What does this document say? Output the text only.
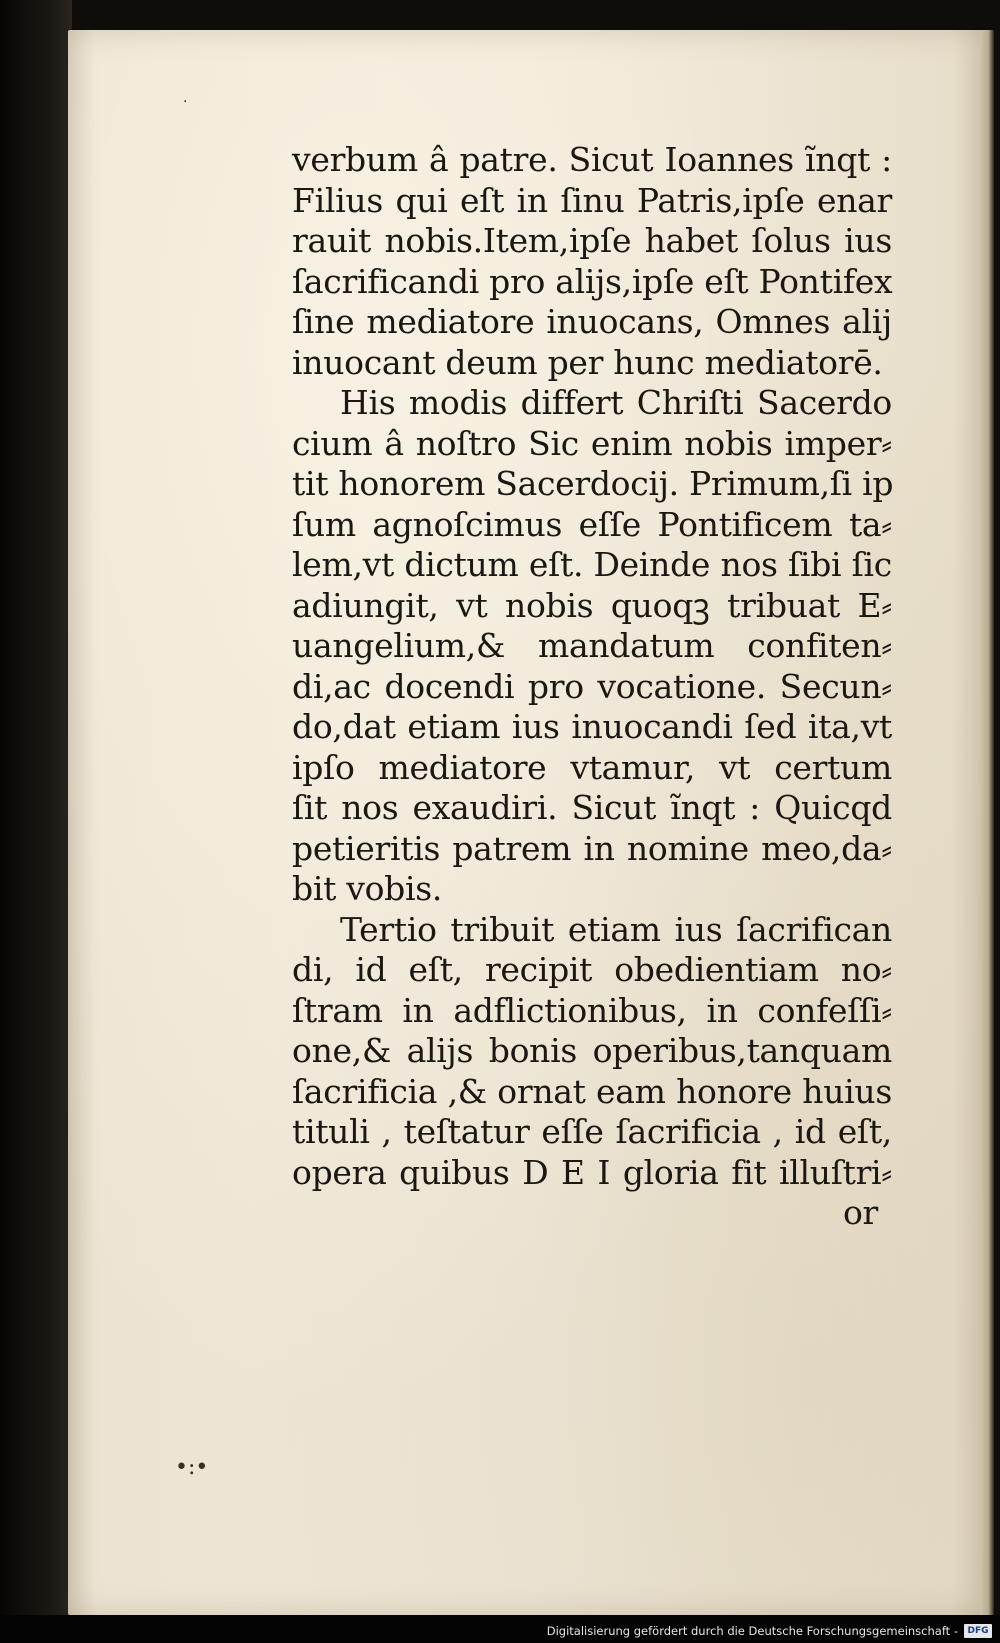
.
•:•
verbum â patre. Sicut Ioannes ĩnqt :
Filius qui eſt in ſinu Patris,ipſe enar
rauit nobis.Item,ipſe habet ſolus ius
ſacrificandi pro aliјs,ipſe eſt Pontifex
ſine mediatore inuocans, Omnes aliј
inuocant deum per hunc mediatorē.
His modis differt Chriſti Sacerdo
cium â noſtro Sic enim nobis imper⸗
tit honorem Sacerdocij. Primum,ſi ip
ſum agnoſcimus eſſe Pontificem ta⸗
lem,vt dictum eſt. Deinde nos ſibi ſic
adiungit, vt nobis quoqꝫ tribuat E⸗
uangelium,& mandatum confiten⸗
di,ac docendi pro vocatione. Secun⸗
do,dat etiam ius inuocandi ſed ita,vt
ipſo mediatore vtamur, vt certum
ſit nos exaudiri. Sicut ĩnqt : Quicqd
petieritis patrem in nomine meo,da⸗
bit vobis.
Tertio tribuit etiam ius ſacrifican
di, id eſt, recipit obedientiam no⸗
ſtram in adflictionibus, in confeſſi⸗
one,& aliјs bonis operibus,tanquam
ſacrificia ,& ornat eam honore huius
tituli , teſtatur eſſe ſacrificia , id eſt,
opera quibus D E I gloria fit illuſtri⸗
or
Digitalisierung gefördert durch die Deutsche Forschungsgemeinschaft -	DFG
